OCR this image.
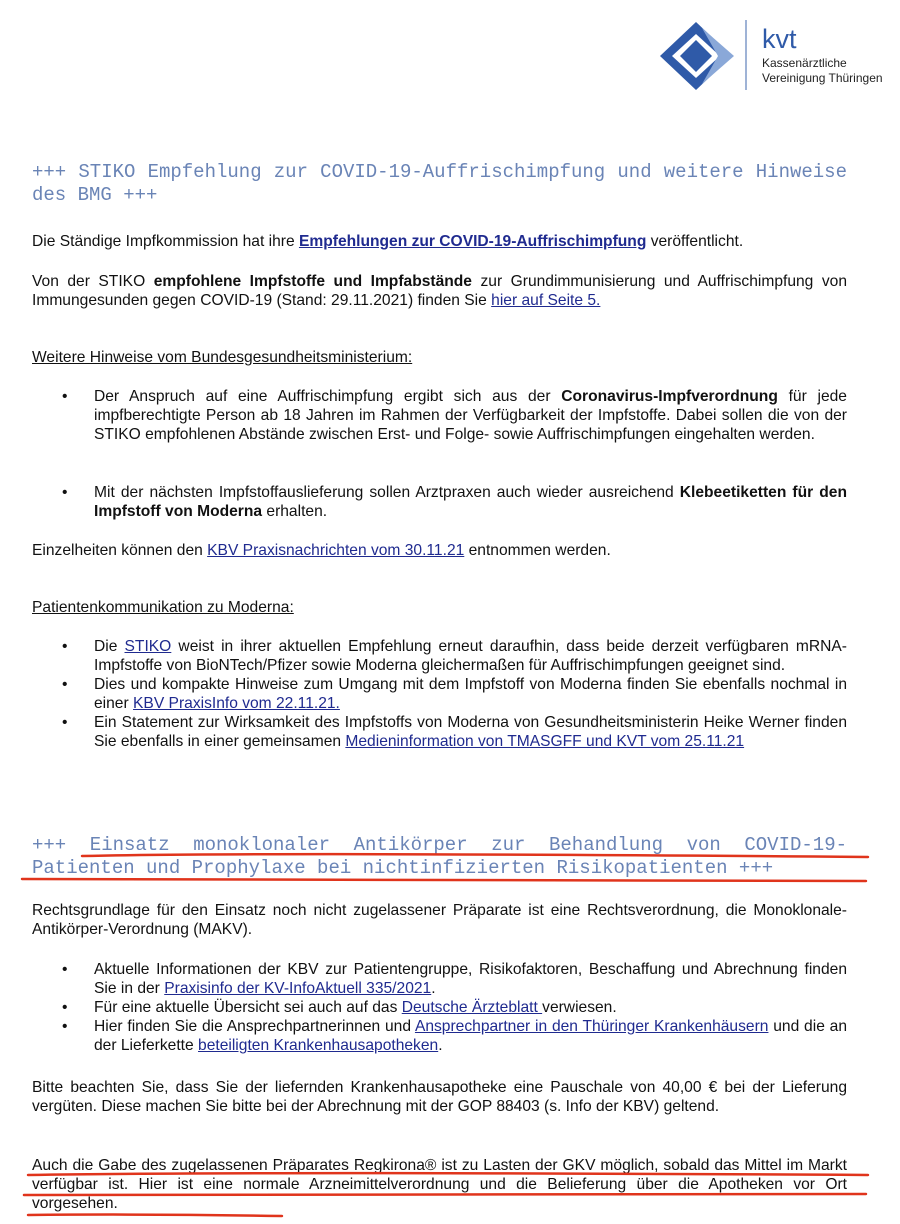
kvt
Kassenärztliche
Vereinigung Thüringen
+++ STIKO Empfehlung zur COVID-19-Auffrischimpfung und weitere Hinweise des BMG +++
Die Ständige Impfkommission hat ihre Empfehlungen zur COVID-19-Auffrischimpfung veröffentlicht.
Von der STIKO empfohlene Impfstoffe und Impfabstände zur Grundimmunisierung und Auffrischimpfung von Immungesunden gegen COVID-19 (Stand: 29.11.2021) finden Sie hier auf Seite 5.
Weitere Hinweise vom Bundesgesundheitsministerium:
• Der Anspruch auf eine Auffrischimpfung ergibt sich aus der Coronavirus-Impfverordnung für jede impfberechtigte Person ab 18 Jahren im Rahmen der Verfügbarkeit der Impfstoffe. Dabei sollen die von der STIKO empfohlenen Abstände zwischen Erst- und Folge- sowie Auffrischimpfungen eingehalten werden.
• Mit der nächsten Impfstoffauslieferung sollen Arztpraxen auch wieder ausreichend Klebeetiketten für den Impfstoff von Moderna erhalten.
Einzelheiten können den KBV Praxisnachrichten vom 30.11.21 entnommen werden.
Patientenkommunikation zu Moderna:
• Die STIKO weist in ihrer aktuellen Empfehlung erneut daraufhin, dass beide derzeit verfügbaren mRNA-Impfstoffe von BioNTech/Pfizer sowie Moderna gleichermaßen für Auffrischimpfungen geeignet sind.
• Dies und kompakte Hinweise zum Umgang mit dem Impfstoff von Moderna finden Sie ebenfalls nochmal in einer KBV PraxisInfo vom 22.11.21.
• Ein Statement zur Wirksamkeit des Impfstoffs von Moderna von Gesundheitsministerin Heike Werner finden Sie ebenfalls in einer gemeinsamen Medieninformation von TMASGFF und KVT vom 25.11.21
+++ Einsatz monoklonaler Antikörper zur Behandlung von COVID-19-Patienten und Prophylaxe bei nichtinfizierten Risikopatienten +++
Rechtsgrundlage für den Einsatz noch nicht zugelassener Präparate ist eine Rechtsverordnung, die Monoklonale-Antikörper-Verordnung (MAKV).
• Aktuelle Informationen der KBV zur Patientengruppe, Risikofaktoren, Beschaffung und Abrechnung finden Sie in der Praxisinfo der KV-InfoAktuell 335/2021.
• Für eine aktuelle Übersicht sei auch auf das Deutsche Ärzteblatt verwiesen.
• Hier finden Sie die Ansprechpartnerinnen und Ansprechpartner in den Thüringer Krankenhäusern und die an der Lieferkette beteiligten Krankenhausapotheken.
Bitte beachten Sie, dass Sie der liefernden Krankenhausapotheke eine Pauschale von 40,00 € bei der Lieferung vergüten. Diese machen Sie bitte bei der Abrechnung mit der GOP 88403 (s. Info der KBV) geltend.
Auch die Gabe des zugelassenen Präparates Regkirona® ist zu Lasten der GKV möglich, sobald das Mittel im Markt verfügbar ist. Hier ist eine normale Arzneimittelverordnung und die Belieferung über die Apotheken vor Ort vorgesehen.
